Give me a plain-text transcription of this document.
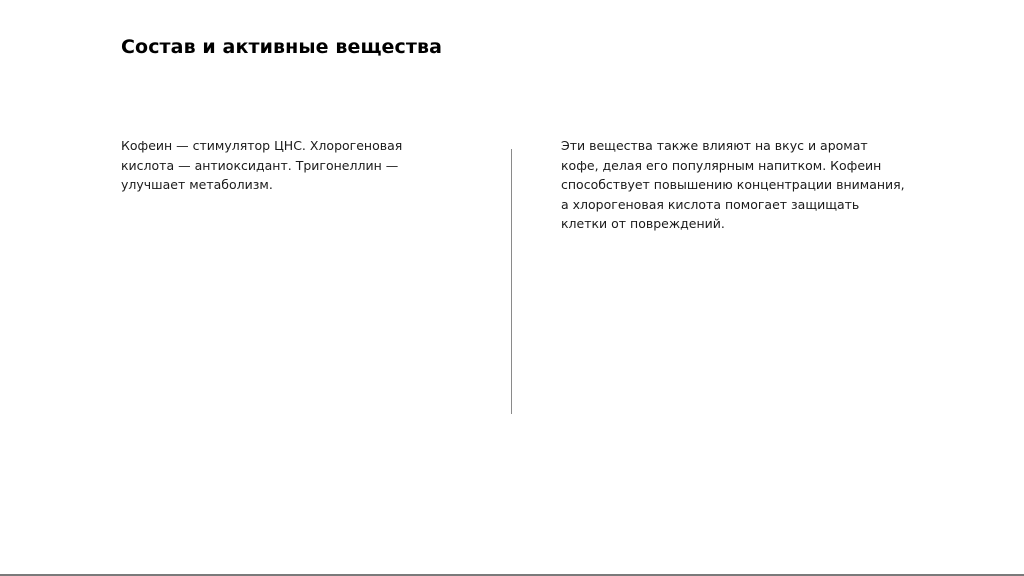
Состав и активные вещества

Кофеин — стимулятор ЦНС. Хлорогеновая кислота — антиоксидант. Тригонеллин — улучшает метаболизм.

Эти вещества также влияют на вкус и аромат кофе, делая его популярным напитком. Кофеин способствует повышению концентрации внимания, а хлорогеновая кислота помогает защищать клетки от повреждений.
